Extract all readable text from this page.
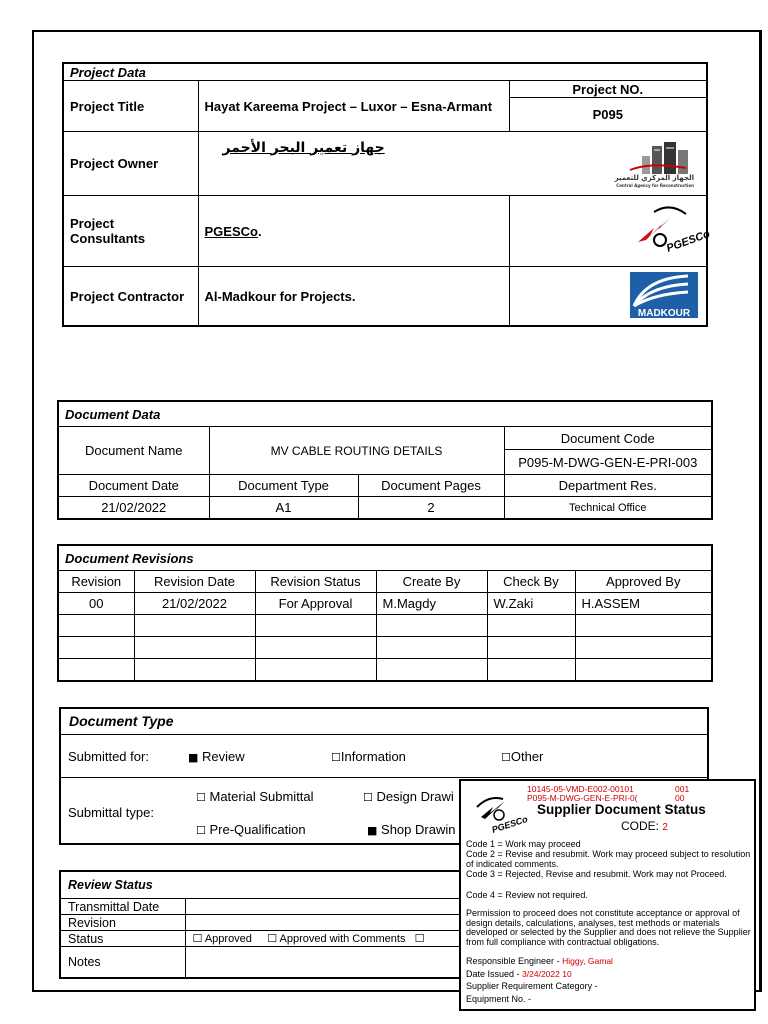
Project Data		
Project Title	Hayat Kareema Project – Luxor – Esna-Armant	Project NO.
		P095
Project Owner	جهاز تعمير البحر الأحمر
الجهاز المركزي للتعمير
Central Agency for Reconstruction	

Project Consultants	PGESCo.	PGESCo

Project Contractor	Al-Madkour for Projects.	MADKOUR
Document Data			
Document Name	MV CABLE ROUTING DETAILS		Document Code
			P095-M-DWG-GEN-E-PRI-003
Document Date	Document Type	Document Pages	Department Res.
21/02/2022	A1	2	Technical Office
Document Revisions					
Revision	Revision Date	Revision Status	Create By	Check By	Approved By
00	21/02/2022	For Approval	M.Magdy	W.Zaki	H.ASSEM

Document Type
Submitted for:	■ Review	☐Information	☐Other
Submittal type:
☐ Material Submittal	☐ Design Drawi
☐ Pre-Qualification	■ Shop Drawin
Review Status	
Transmittal Date	
Revision	
Status	☐ Approved ☐ Approved with Comments ☐
Notes	
PGESCo
10145-05-VMD-E002-00101
P095-M-DWG-GEN-E-PRI-0(
001
00
Supplier Document Status
CODE: 2
Code 1 = Work may proceed
Code 2 = Revise and resubmit. Work may proceed subject to resolution of indicated comments.
Code 3 = Rejected, Revise and resubmit. Work may not Proceed.
Code 4 = Review not required.
Permission to proceed does not constitute acceptance or approval of design details, calculations, analyses, test methods or materials developed or selected by the Supplier and does not relieve the Supplier from full compliance with contractual obligations.
Responsible Engineer - Higgy, Gamal
Date Issued - 3/24/2022 10
Supplier Requirement Category -
Equipment No. -
